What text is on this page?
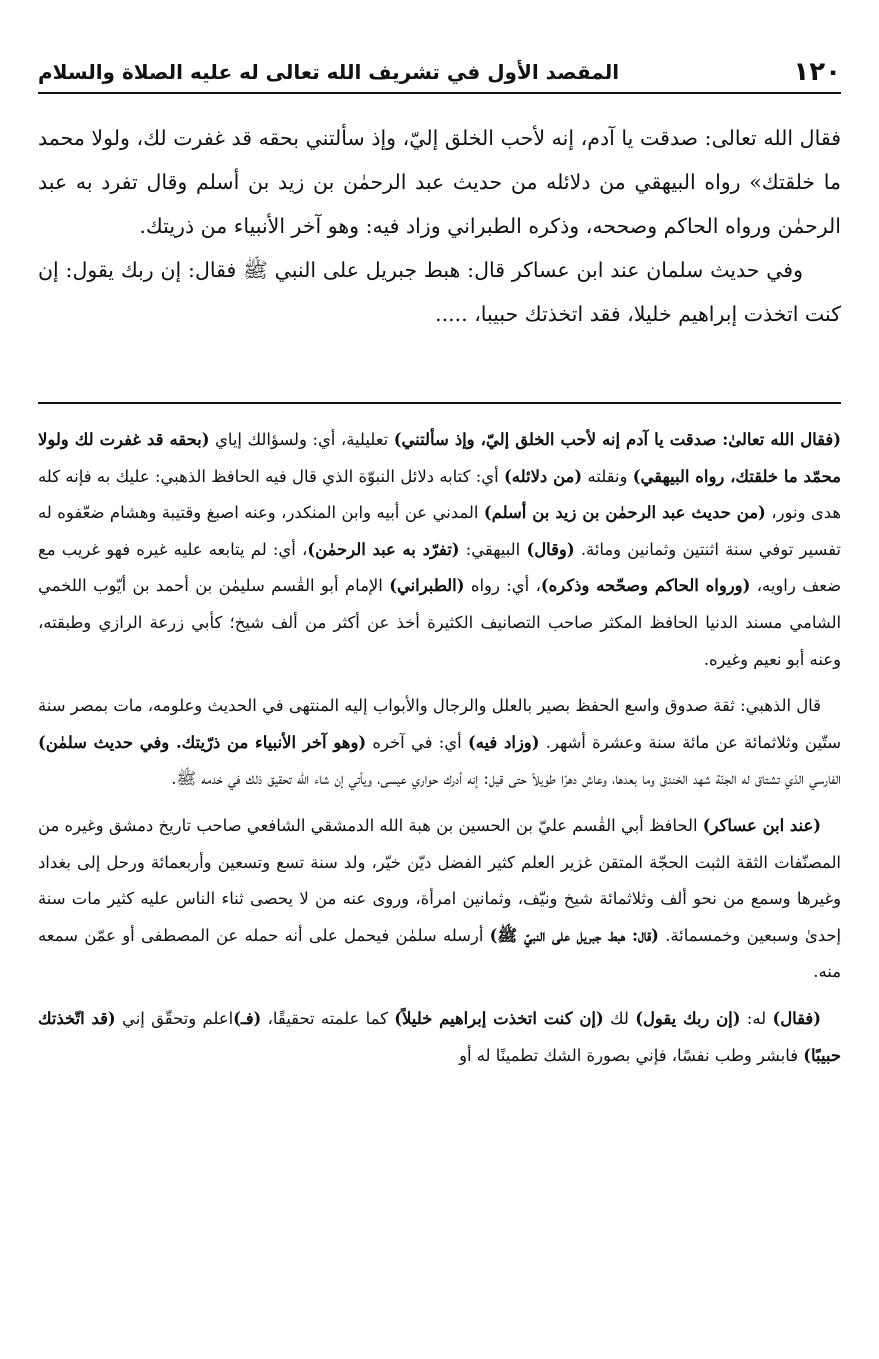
١٢٠
المقصد الأول في تشريف الله تعالى له عليه الصلاة والسلام

فقال الله تعالى: صدقت يا آدم، إنه لأحب الخلق إليّ، وإذ سألتني بحقه قد غفرت لك، ولولا محمد ما خلقتك» رواه البيهقي من دلائله من حديث عبد الرحمٰن بن زيد بن أسلم وقال تفرد به عبد الرحمٰن ورواه الحاكم وصححه، وذكره الطبراني وزاد فيه: وهو آخر الأنبياء من ذريتك.

وفي حديث سلمان عند ابن عساكر قال: هبط جبريل على النبي ﷺ فقال: إن ربك يقول: إن كنت اتخذت إبراهيم خليلا، فقد اتخذتك حبيبا، .....

(فقال الله تعالىٰ: صدقت يا آدم إنه لأحب الخلق إليّ، وإذ سألتني) تعليلية، أي: ولسؤالك إياي (بحقه قد غفرت لك ولولا محمّد ما خلقتك، رواه البيهقي) ونقلته (من دلائله) أي: كتابه دلائل النبوّة الذي قال فيه الحافظ الذهبي: عليك به فإنه كله هدى ونور، (من حديث عبد الرحمٰن بن زيد بن أسلم) المدني عن أبيه وابن المنكدر، وعنه اصبغ وقتيبة وهشام ضعّفوه له تفسير توفي سنة اثنتين وثمانين ومائة. (وقال) البيهقي: (تفرّد به عبد الرحمٰن)، أي: لم يتابعه عليه غيره فهو غريب مع ضعف راويه، (ورواه الحاكم وصحّحه وذكره)، أي: رواه (الطبراني) الإمام أبو القٰسم سليمٰن بن أحمد بن أيّوب اللخمي الشامي مسند الدنيا الحافظ المكثر صاحب التصانيف الكثيرة أخذ عن أكثر من ألف شيخ؛ كأبي زرعة الرازي وطبقته، وعنه أبو نعيم وغيره.

قال الذهبي: ثقة صدوق واسع الحفظ بصير بالعلل والرجال والأبواب إليه المنتهى في الحديث وعلومه، مات بمصر سنة ستّين وثلاثمائة عن مائة سنة وعشرة أشهر. (وزاد فيه) أي: في آخره (وهو آخر الأنبياء من ذرّيتك. وفي حديث سلمٰن) الفارسي الذي تشتاق له الجنّة شهد الخندق وما بعدها، وعاش دهرًا طويلاً حتى قيل: إنه أدرك حواري عيسى، ويأتي إن شاء الله تحقيق ذلك في خدمه ﷺ.

(عند ابن عساكر) الحافظ أبي القٰسم عليّ بن الحسين بن هبة الله الدمشقي الشافعي صاحب تاريخ دمشق وغيره من المصنّفات الثقة الثبت الحجّة المتقن غزير العلم كثير الفضل ديّن خيّر، ولد سنة تسع وتسعين وأربعمائة ورحل إلى بغداد وغيرها وسمع من نحو ألف وثلاثمائة شيخ ونيّف، وثمانين امرأة، وروى عنه من لا يحصى ثناء الناس عليه كثير مات سنة إحدىٰ وسبعين وخمسمائة. (قال: هبط جبريل على النبيّ ﷺ) أرسله سلمٰن فيحمل على أنه حمله عن المصطفى أو عمّن سمعه منه.

(فقال) له: (إن ربك يقول) لك (إن كنت اتخذت إبراهيم خليلاً) كما علمته تحقيقًا، (فـ)اعلم وتحقّق إني (قد اتّخذتك حبيبًا) فابشر وطب نفسًا، فإني بصورة الشك تطمينًا له أو
